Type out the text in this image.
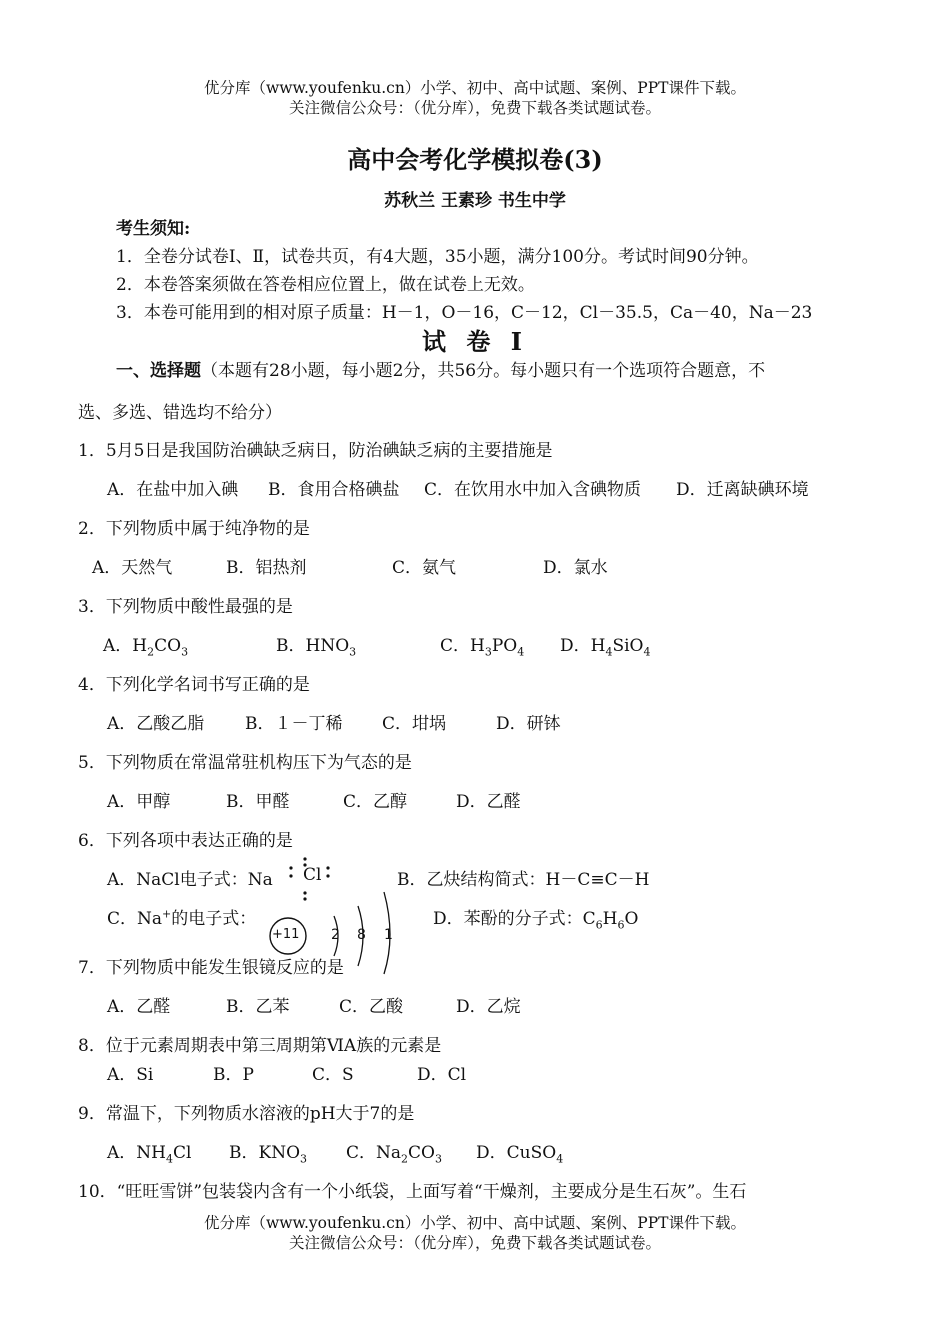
优分库（www.youfenku.cn）小学、初中、高中试题、案例、PPT课件下载。
关注微信公众号：（优分库），免费下载各类试题试卷。
高中会考化学模拟卷(3)
苏秋兰 王素珍 书生中学
考生须知:
1．全卷分试卷Ⅰ、Ⅱ，试卷共页，有4大题，35小题，满分100分。考试时间90分钟。
2．本卷答案须做在答卷相应位置上，做在试卷上无效。
3．本卷可能用到的相对原子质量：H－1，O－16，C－12，Cl－35.5，Ca－40，Na－23
试 卷 Ⅰ
一、选择题（本题有28小题，每小题2分，共56分。每小题只有一个选项符合题意，不
选、多选、错选均不给分）
1．5月5日是我国防治碘缺乏病日，防治碘缺乏病的主要措施是
A．在盐中加入碘 B．食用合格碘盐 C．在饮用水中加入含碘物质 D．迁离缺碘环境
2．下列物质中属于纯净物的是
A．天然气	B．铝热剂	C．氨气	D．氯水
3．下列物质中酸性最强的是
A．$H_2CO_3$	B．$HNO_3$	C．$H_3PO_4$ D．$H_4SiO_4$
4．下列化学名词书写正确的是
A．乙酸乙脂 B．１－丁稀 C．坩埚	D．研钵
5．下列物质在常温常驻机构压下为气态的是
A．甲醇	B．甲醛	C．乙醇	D．乙醛
6．下列各项中表达正确的是
A．NaCl电子式：Na Cl	B．乙炔结构简式：H－C≡C－H
C．Na+的电子式：
+11 2 8 1
D．苯酚的分子式：$C_6H_6O$
7．下列物质中能发生银镜反应的是
A．乙醛	B．乙苯	C．乙酸	D．乙烷
8．位于元素周期表中第三周期第ⅥA族的元素是
A．Si	B．P	C．S	D．Cl
9．常温下，下列物质水溶液的pH大于7的是
A．$NH_4Cl$ B．$KNO_3$ C．$Na_2CO_3$ D．CuSO$_4$
10．“旺旺雪饼”包装袋内含有一个小纸袋，上面写着“干燥剂，主要成分是生石灰”。生石
优分库（www.youfenku.cn）小学、初中、高中试题、案例、PPT课件下载。
关注微信公众号：（优分库），免费下载各类试题试卷。
